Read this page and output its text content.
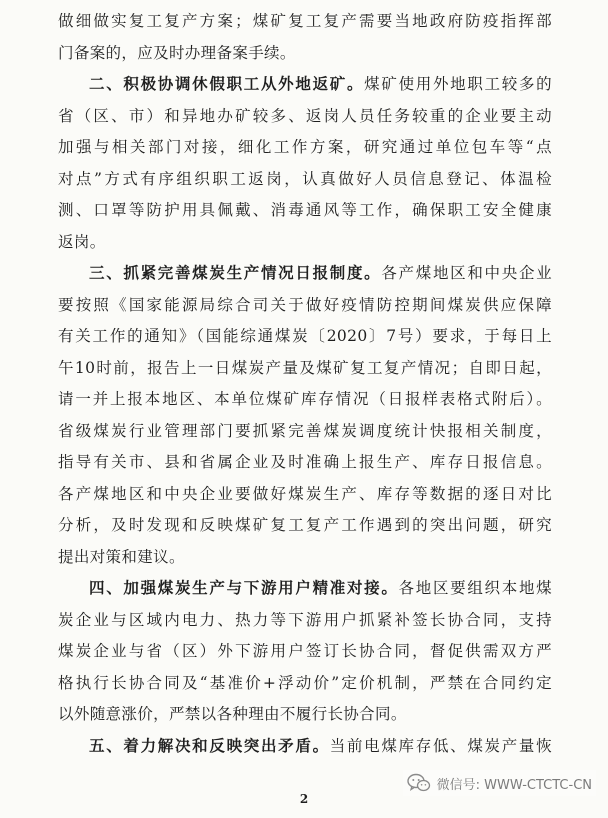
做细做实复工复产方案；煤矿复工复产需要当地政府防疫指挥部
门备案的，应及时办理备案手续。
二、积极协调休假职工从外地返矿。煤矿使用外地职工较多的
省（区、市）和异地办矿较多、返岗人员任务较重的企业要主动
加强与相关部门对接，细化工作方案，研究通过单位包车等“点
对点”方式有序组织职工返岗，认真做好人员信息登记、体温检
测、口罩等防护用具佩戴、消毒通风等工作，确保职工安全健康
返岗。
三、抓紧完善煤炭生产情况日报制度。各产煤地区和中央企业
要按照《国家能源局综合司关于做好疫情防控期间煤炭供应保障
有关工作的通知》（国能综通煤炭〔2020〕7号）要求，于每日上
午10时前，报告上一日煤炭产量及煤矿复工复产情况；自即日起，
请一并上报本地区、本单位煤矿库存情况（日报样表格式附后）。
省级煤炭行业管理部门要抓紧完善煤炭调度统计快报相关制度，
指导有关市、县和省属企业及时准确上报生产、库存日报信息。
各产煤地区和中央企业要做好煤炭生产、库存等数据的逐日对比
分析，及时发现和反映煤矿复工复产工作遇到的突出问题，研究
提出对策和建议。
四、加强煤炭生产与下游用户精准对接。各地区要组织本地煤
炭企业与区域内电力、热力等下游用户抓紧补签长协合同，支持
煤炭企业与省（区）外下游用户签订长协合同，督促供需双方严
格执行长协合同及“基准价+浮动价”定价机制，严禁在合同约定
以外随意涨价，严禁以各种理由不履行长协合同。
五、着力解决和反映突出矛盾。当前电煤库存低、煤炭产量恢
2
微信号: WWW-CTCTC-CN
